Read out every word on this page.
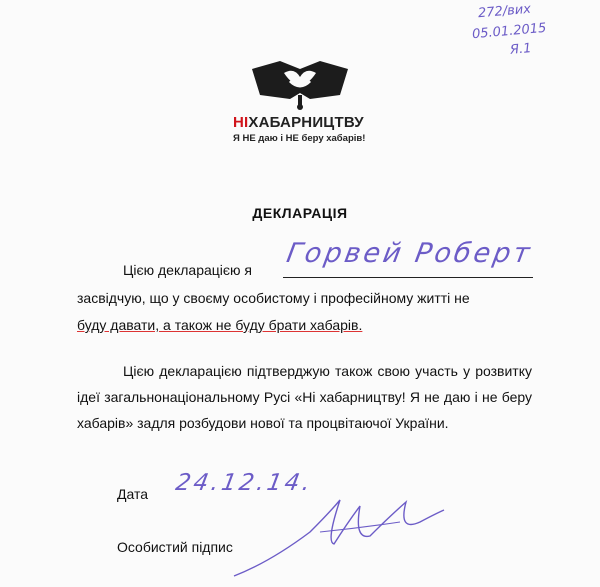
272/вих
05.01.2015
Я.1
НІХАБАРНИЦТВУ
Я НЕ даю і НЕ беру хабарів!
ДЕКЛАРАЦІЯ
Цією декларацією я
Горвей Роберт
засвідчую, що у своєму особистому і професійному житті не
буду давати, а також не буду брати хабарів.
Цією декларацією підтверджую також свою участь у розвитку ідеї загальнонаціональному Русі «Ні хабарництву! Я не даю і не беру хабарів» задля розбудови нової та процвітаючої України.
Дата 24.12.14.
Особистий підпис
